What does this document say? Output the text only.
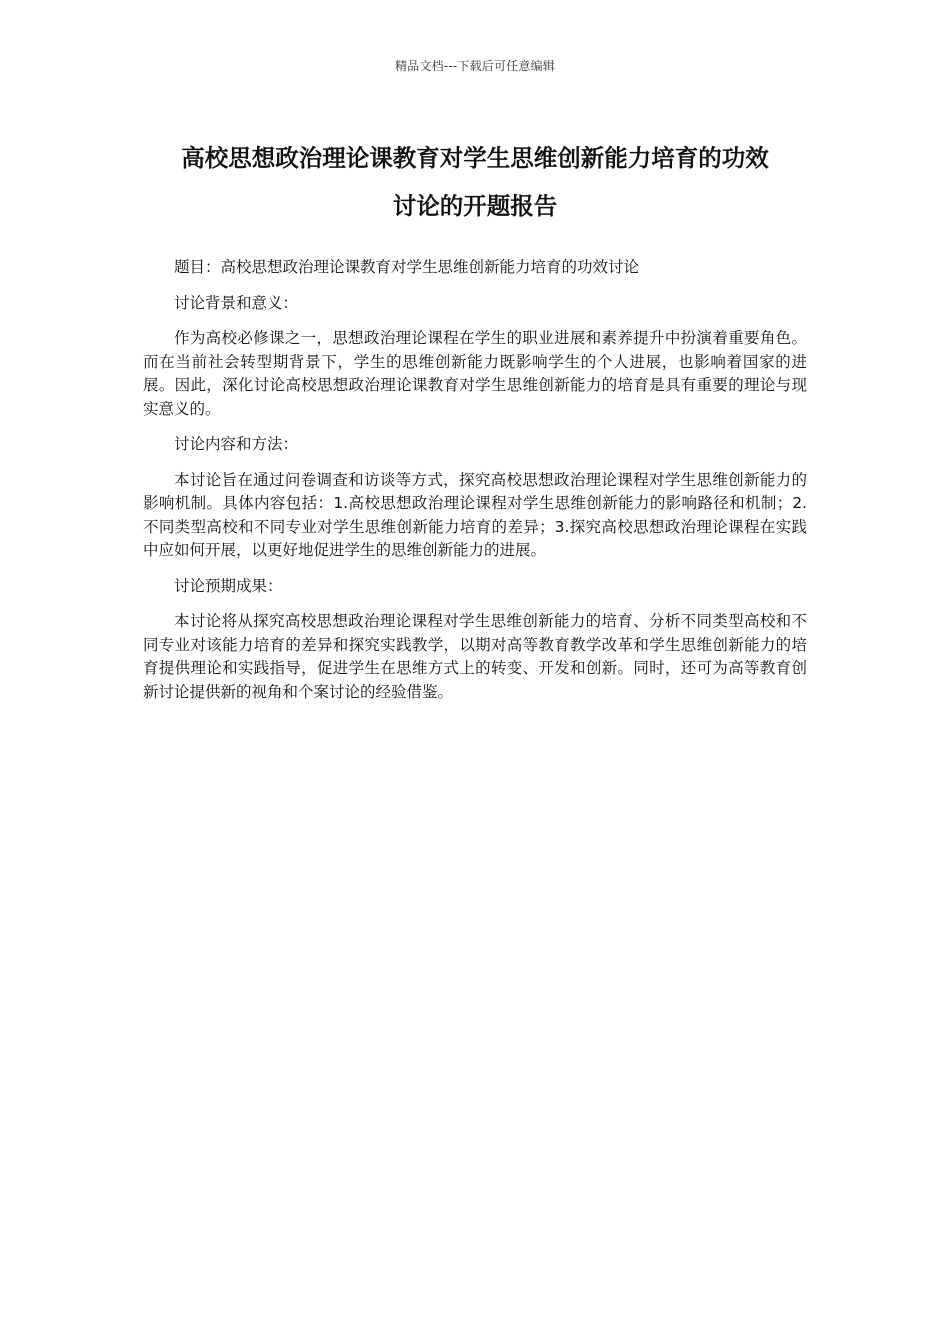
精品文档---下载后可任意编辑
高校思想政治理论课教育对学生思维创新能力培育的功效
讨论的开题报告

题目：高校思想政治理论课教育对学生思维创新能力培育的功效讨论

讨论背景和意义：

作为高校必修课之一，思想政治理论课程在学生的职业进展和素养提升中扮演着重要角色。而在当前社会转型期背景下，学生的思维创新能力既影响学生的个人进展，也影响着国家的进展。因此，深化讨论高校思想政治理论课教育对学生思维创新能力的培育是具有重要的理论与现实意义的。

讨论内容和方法：

本讨论旨在通过问卷调查和访谈等方式，探究高校思想政治理论课程对学生思维创新能力的影响机制。具体内容包括：1.高校思想政治理论课程对学生思维创新能力的影响路径和机制；2.不同类型高校和不同专业对学生思维创新能力培育的差异；3.探究高校思想政治理论课程在实践中应如何开展，以更好地促进学生的思维创新能力的进展。

讨论预期成果：

本讨论将从探究高校思想政治理论课程对学生思维创新能力的培育、分析不同类型高校和不同专业对该能力培育的差异和探究实践教学，以期对高等教育教学改革和学生思维创新能力的培育提供理论和实践指导，促进学生在思维方式上的转变、开发和创新。同时，还可为高等教育创新讨论提供新的视角和个案讨论的经验借鉴。
